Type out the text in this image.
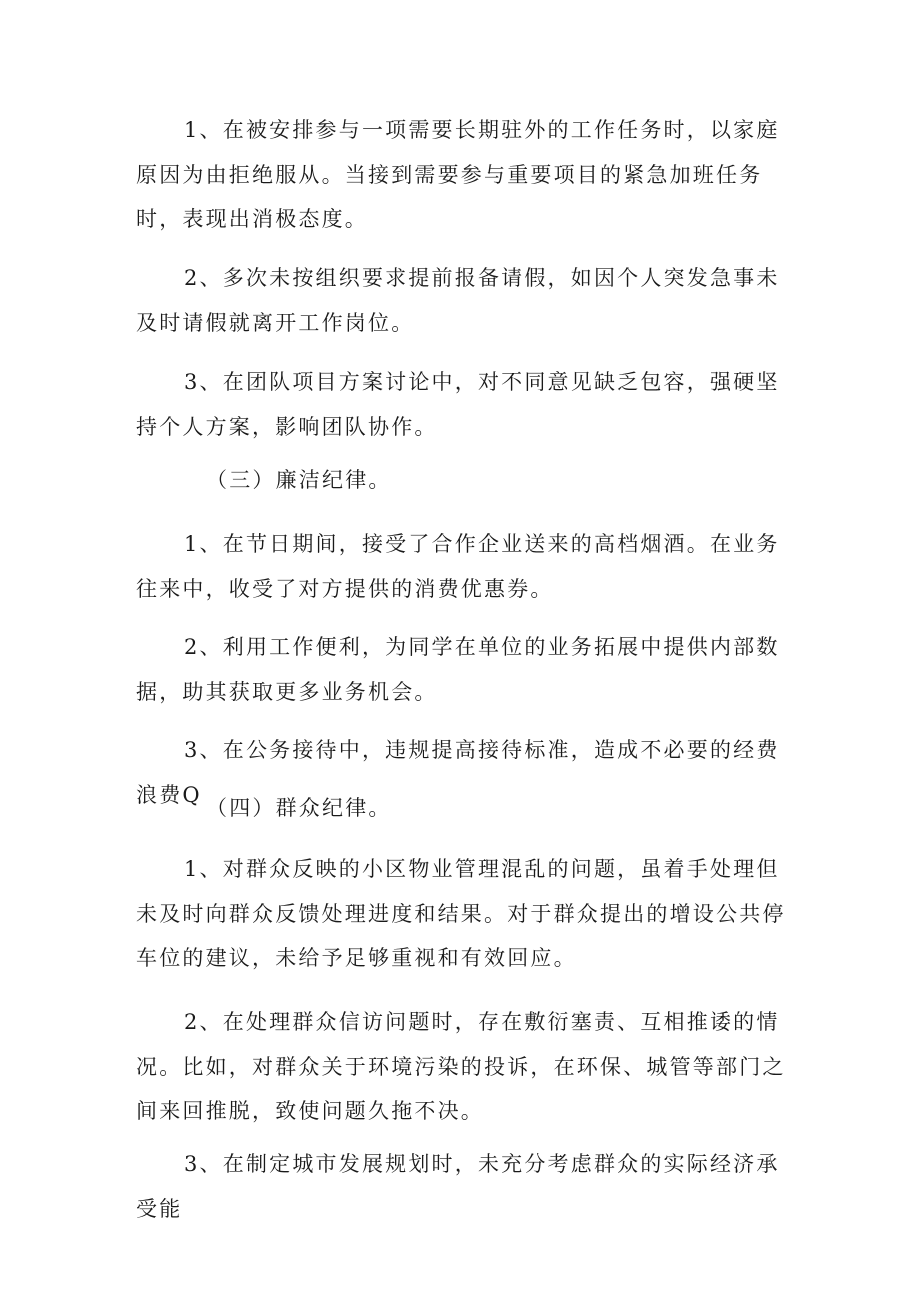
1、在被安排参与一项需要长期驻外的工作任务时，以家庭原因为由拒绝服从。当接到需要参与重要项目的紧急加班任务时，表现出消极态度。

2、多次未按组织要求提前报备请假，如因个人突发急事未及时请假就离开工作岗位。

3、在团队项目方案讨论中，对不同意见缺乏包容，强硬坚持个人方案，影响团队协作。

（三）廉洁纪律。

1、在节日期间，接受了合作企业送来的高档烟酒。在业务往来中，收受了对方提供的消费优惠券。

2、利用工作便利，为同学在单位的业务拓展中提供内部数据，助其获取更多业务机会。

3、在公务接待中，违规提高接待标准，造成不必要的经费浪费Q

（四）群众纪律。

1、对群众反映的小区物业管理混乱的问题，虽着手处理但未及时向群众反馈处理进度和结果。对于群众提出的增设公共停车位的建议，未给予足够重视和有效回应。

2、在处理群众信访问题时，存在敷衍塞责、互相推诿的情况。比如，对群众关于环境污染的投诉，在环保、城管等部门之间来回推脱，致使问题久拖不决。

3、在制定城市发展规划时，未充分考虑群众的实际经济承受能
